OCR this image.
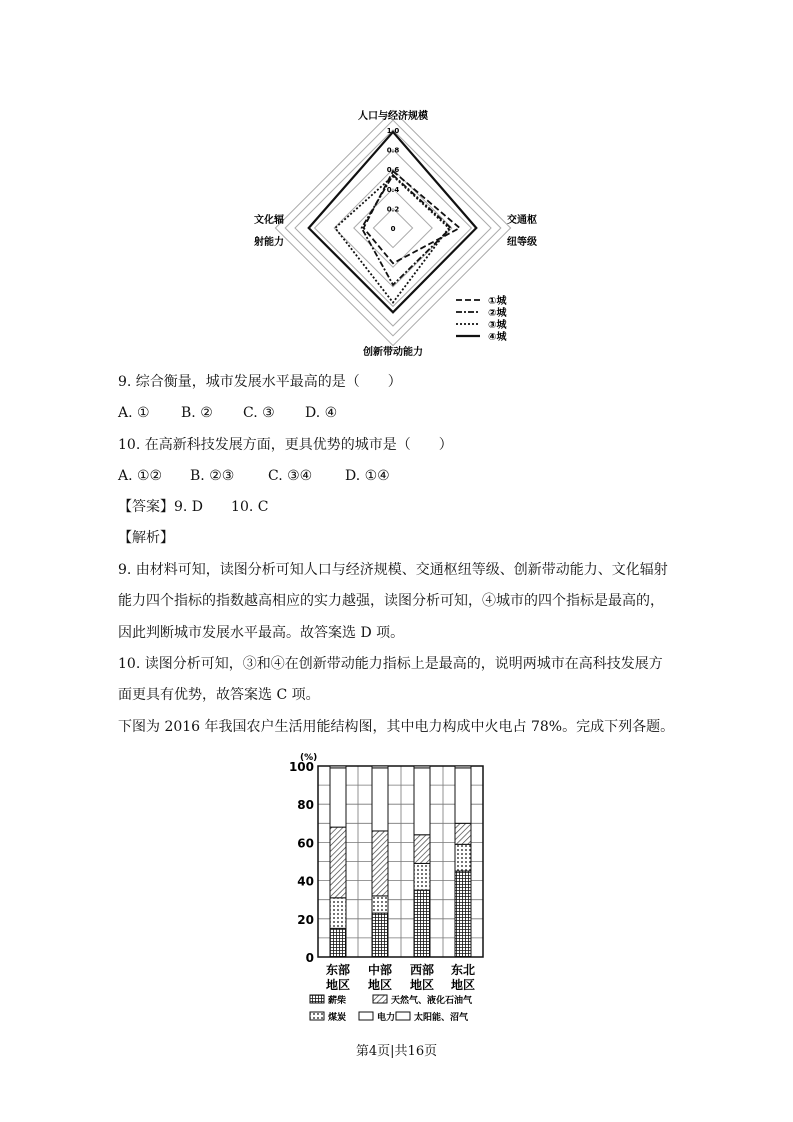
0
0.2
0.4
0.6
0.8
1.0
人口与经济规模
创新带动能力
交通枢
纽等级
文化辐
射能力
①城
②城
③城
④城
9. 综合衡量，城市发展水平最高的是（　　）
A. ① B. ② C. ③ D. ④
10. 在高新科技发展方面，更具优势的城市是（　　）
A. ①② B. ②③ C. ③④ D. ①④
【答案】9. D　　10. C
【解析】
9. 由材料可知，读图分析可知人口与经济规模、交通枢纽等级、创新带动能力、文化辐射
能力四个指标的指数越高相应的实力越强，读图分析可知，④城市的四个指标是最高的，
因此判断城市发展水平最高。故答案选 D 项。
10. 读图分析可知，③和④在创新带动能力指标上是最高的，说明两城市在高科技发展方
面更具有优势，故答案选 C 项。
下图为 2016 年我国农户生活用能结构图，其中电力构成中火电占 78%。完成下列各题。
(%)
0
20
40
60
80
100
东部
地区
中部
地区
西部
地区
东北
地区
薪柴	天然气、液化石油气
煤炭	电力 太阳能、沼气
第4页|共16页
